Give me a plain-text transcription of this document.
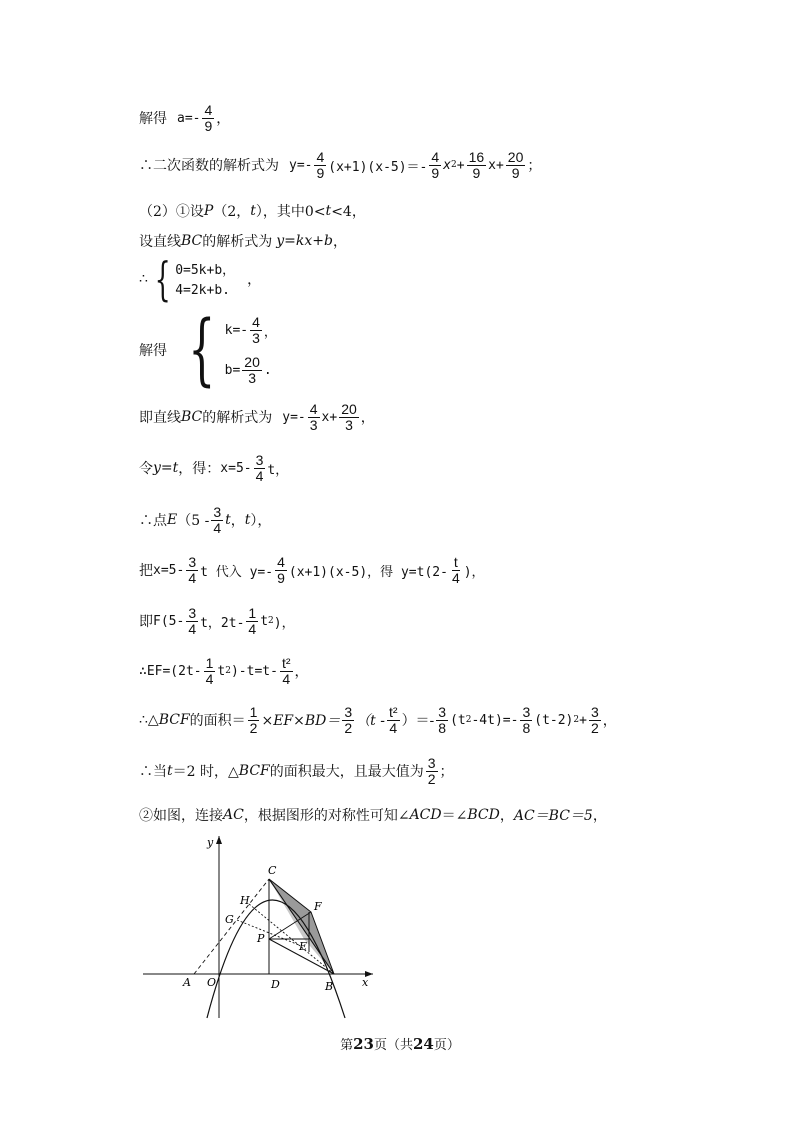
解得 $a=- \frac{4}{9}$ ，
∴二次函数的解析式为 $y=- \frac{4}{9} (x+1)(x-5)=- \frac{4}{9}$ x $2 + \frac{16}{9} x+ \frac{20}{9}$ ；
（2）①设 P （2， t ），其中0< t <4，
设直线 BC 的解析式为 y=kx+b ，
∴ { 0=5k+b，
4=2k+b.
，
解得 { $k=- \frac{4}{3}$ ，
$b= \frac{20}{3}$ .
即直线 BC 的解析式为 $y=- \frac{4}{3} x+ \frac{20}{3}$ ，
令 y = t ，得： $x=5- \frac{3}{4}$ t，
∴点 E （$5 - \frac{3}{4}$ t ， t ），
把 $x=5- \frac{3}{4}$ t 代入 $y=- \frac{4}{9} (x+1)(x-5)$，得 $y=t(2- \frac{t}{4}$ )，
即 $F(5- \frac{3}{4}$ t，$2t- \frac{1}{4}$ t 2 )，
∴EF=(2t- $\frac{1}{4}$ t 2 )$-t=t- \frac{\text{t²}}{4}$ ，
∴△ BCF 的面积＝ $\frac{1}{2} \times EF\times BD= \frac{3}{2} (t - \frac{\text{t²}}{4}$ ）＝- $\frac{3}{8} (t$ 2 $-4t)=- \frac{3}{8} (t-2) 2 + \frac{3}{2}$ ，
∴当 t ＝2 时，△ BCF 的面积最大，且最大值为 $\frac{3}{2}$ ；
②如图，连接 AC ，根据图形的对称性可知∠ ACD ＝∠ BCD ， AC＝BC＝5 ，
y
x
C
H
G
F
P
E
A O	D	B
第23页（共24页）
